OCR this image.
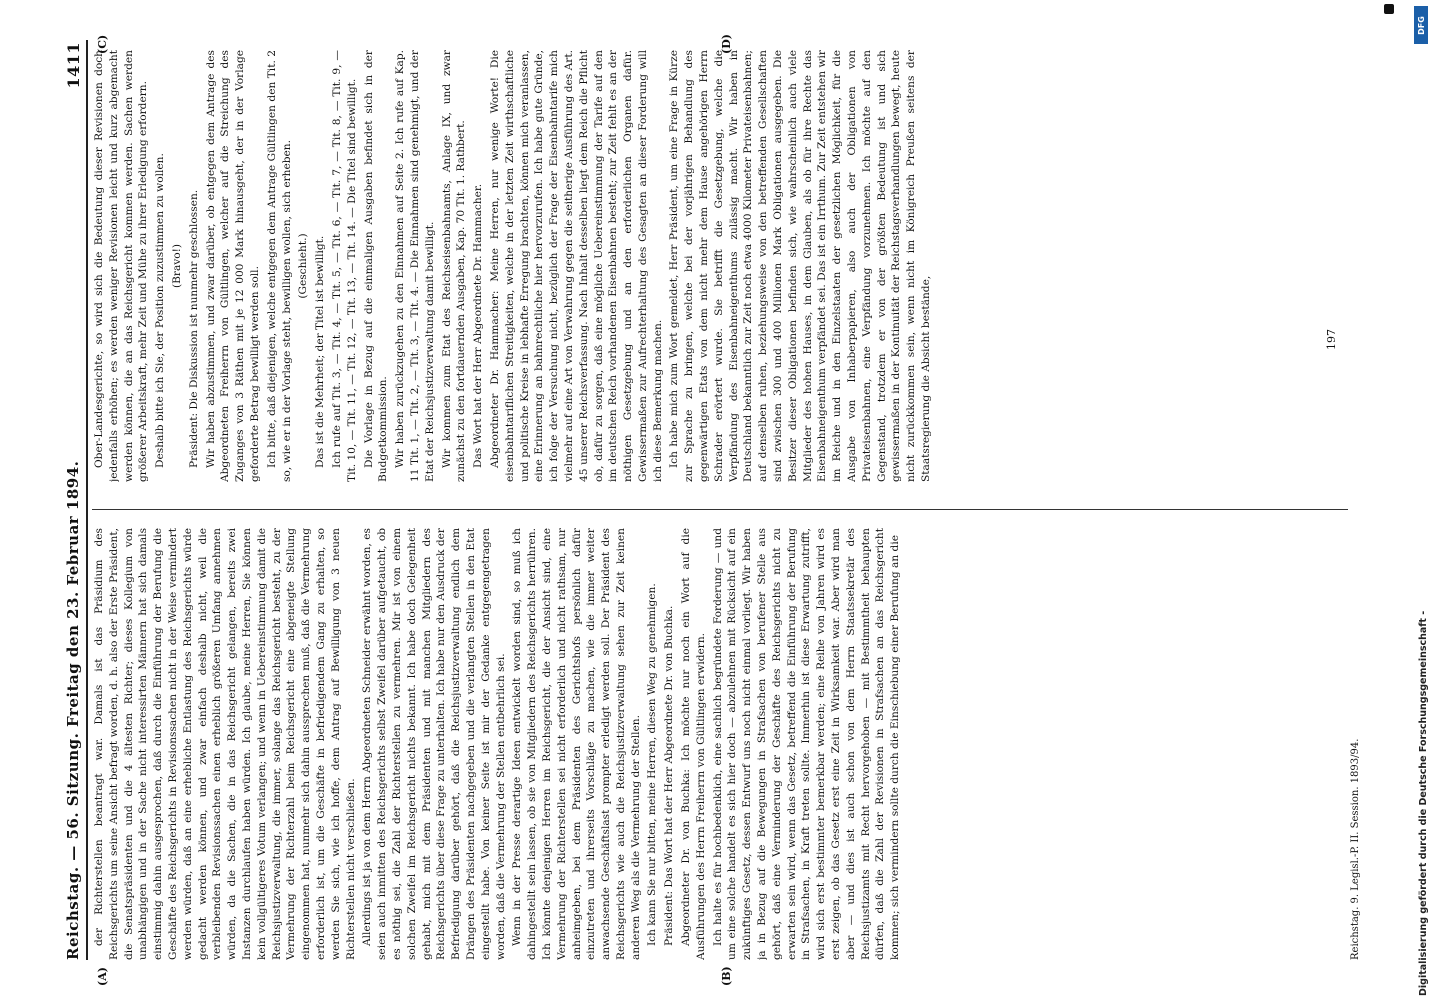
Reichstag. — 56. Sitzung. Freitag den 23. Februar 1894.
1411

der Richterstellen beantragt war. Damals ist das Präsidium des Reichsgerichts um seine Ansicht befragt worden, d. h. also der Erste Präsident, die Senatspräsidenten und die 4 ältesten Richter; dieses Kollegium von unabhängigen und in der Sache nicht interessirten Männern hat sich damals einstimmig dahin ausgesprochen, daß durch die Einführung der Berufung die Geschäfte des Reichsgerichts in Revisionssachen nicht in der Weise vermindert werden würden, daß an eine erhebliche Entlastung des Reichsgerichts würde gedacht werden können, und zwar einfach deshalb nicht, weil die verbleibenden Revisionssachen einen erheblich größeren Umfang annehmen würden, da die Sachen, die in das Reichsgericht gelangen, bereits zwei Instanzen durchlaufen haben würden. Ich glaube, meine Herren, Sie können kein vollgültigeres Votum verlangen; und wenn in Uebereinstimmung damit die Reichsjustizverwaltung, die immer, solange das Reichsgericht besteht, zu der Vermehrung der Richterzahl beim Reichsgericht eine abgeneigte Stellung eingenommen hat, nunmehr sich dahin aussprechen muß, daß die Vermehrung erforderlich ist, um die Geschäfte in befriedigendem Gang zu erhalten, so werden Sie sich, wie ich hoffe, dem Antrag auf Bewilligung von 3 neuen Richterstellen nicht verschließen. Allerdings ist ja von dem Herrn Abgeordneten Schneider erwähnt worden, es seien auch inmitten des Reichsgerichts selbst Zweifel darüber aufgetaucht, ob es nöthig sei, die Zahl der Richterstellen zu vermehren. Mir ist von einem solchen Zweifel im Reichsgericht nichts bekannt. Ich habe doch Gelegenheit gehabt, mich mit dem Präsidenten und mit manchen Mitgliedern des Reichsgerichts über diese Frage zu unterhalten. Ich habe nur den Ausdruck der Befriedigung darüber gehört, daß die Reichsjustizverwaltung endlich dem Drängen des Präsidenten nachgegeben und die verlangten Stellen in den Etat eingestellt habe. Von keiner Seite ist mir der Gedanke entgegengetragen worden, daß die Vermehrung der Stellen entbehrlich sei. Wenn in der Presse derartige Ideen entwickelt worden sind, so muß ich dahingestellt sein lassen, ob sie von Mitgliedern des Reichsgerichts herrühren. Ich könnte denjenigen Herren im Reichsgericht, die der Ansicht sind, eine Vermehrung der Richterstellen sei nicht erforderlich und nicht rathsam, nur anheimgeben, bei dem Präsidenten des Gerichtshofs persönlich dafür einzutreten und ihrerseits Vorschläge zu machen, wie die immer weiter anwachsende Geschäftslast prompter erledigt werden soll. Der Präsident des Reichsgerichts wie auch die Reichsjustizverwaltung sehen zur Zeit keinen anderen Weg als die Vermehrung der Stellen. Ich kann Sie nur bitten, meine Herren, diesen Weg zu genehmigen. Präsident: Das Wort hat der Herr Abgeordnete Dr. von Buchka. Abgeordneter Dr. von Buchka: Ich möchte nur noch ein Wort auf die Ausführungen des Herrn Freiherrn von Gültlingen erwidern. Ich halte es für hochbedenklich, eine sachlich begründete Forderung — und um eine solche handelt es sich hier doch — abzulehnen mit Rücksicht auf ein zukünftiges Gesetz, dessen Entwurf uns noch nicht einmal vorliegt. Wir haben ja in Bezug auf die Bewegungen in Strafsachen von berufener Stelle aus gehört, daß eine Verminderung der Geschäfte des Reichsgerichts nicht zu erwarten sein wird, wenn das Gesetz, betreffend die Einführung der Berufung in Strafsachen, in Kraft treten sollte. Immerhin ist diese Erwartung zutrifft, wird sich erst bestimmter bemerkbar werden; eine Reihe von Jahren wird es erst zeigen, ob das Gesetz erst eine Zeit in Wirksamkeit war. Aber wird man aber — und dies ist auch schon von dem Herrn Staatssekretär des Reichsjustizamts mit Recht hervorgehoben — mit Bestimmtheit behaupten dürfen, daß die Zahl der Revisionen in Strafsachen an das Reichsgericht kommen; sich vermindern sollte durch die Einschiebung einer Berufung an die	Reichstag. 9. Legisl.-P. II. Session. 1893/94.

Ober-Landesgerichte, so wird sich die Bedeutung dieser Revisionen doch jedenfalls erhöhen; es werden weniger Revisionen leicht und kurz abgemacht werden können, die an das Reichsgericht kommen werden. Sachen werden größerer Arbeitskraft, mehr Zeit und Mühe zu ihrer Erledigung erfordern. Deshalb bitte ich Sie, der Position zuzustimmen zu wollen. (Bravo!) Präsident: Die Diskussion ist nunmehr geschlossen. Wir haben abzustimmen, und zwar darüber, ob entgegen dem Antrage des Abgeordneten Freiherrn von Gültlingen, welcher auf die Streichung des Zuganges von 3 Räthen mit je 12 000 Mark hinausgeht, der in der Vorlage geforderte Betrag bewilligt werden soll. Ich bitte, daß diejenigen, welche entgegen dem Antrage Gültlingen den Tit. 2 so, wie er in der Vorlage steht, bewilligen wollen, sich erheben. (Geschieht.) Das ist die Mehrheit; der Titel ist bewilligt. Ich rufe auf Tit. 3, — Tit. 4, — Tit. 5, — Tit. 6, — Tit. 7, — Tit. 8, — Tit. 9, — Tit. 10, — Tit. 11, — Tit. 12, — Tit. 13, — Tit. 14. — Die Titel sind bewilligt. Die Vorlage in Bezug auf die einmaligen Ausgaben befindet sich in der Budgetkommission. Wir haben zurückzugehen zu den Einnahmen auf Seite 2. Ich rufe auf Kap. 11 Tit. 1, — Tit. 2, — Tit. 3, — Tit. 4. — Die Einnahmen sind genehmigt, und der Etat der Reichsjustizverwaltung damit bewilligt. Wir kommen zum Etat des Reichseisenbahnamts, Anlage IX, und zwar zunächst zu den fortdauernden Ausgaben, Kap. 70 Tit. 1. Rathbert. Das Wort hat der Herr Abgeordnete Dr. Hammacher. Abgeordneter Dr. Hammacher: Meine Herren, nur wenige Worte! Die eisenbahntariflichen Streitigkeiten, welche in der letzten Zeit wirthschaftliche und politische Kreise in lebhafte Erregung brachten, können mich veranlassen, eine Erinnerung an bahnrechtliche hier hervorzurufen. Ich habe gute Gründe, ich folge der Versuchung nicht, bezüglich der Frage der Eisenbahntarife mich vielmehr auf eine Art von Verwahrung gegen die seitherige Ausführung des Art. 45 unserer Reichsverfassung. Nach Inhalt desselben liegt dem Reich die Pflicht ob, dafür zu sorgen, daß eine mögliche Uebereinstimmung der Tarife auf den im deutschen Reich vorhandenen Eisenbahnen besteht; zur Zeit fehlt es an der nöthigen Gesetzgebung und an den erforderlichen Organen dafür. Gewissermaßen zur Aufrechterhaltung des Gesagten an dieser Forderung will ich diese Bemerkung machen. Ich habe mich zum Wort gemeldet, Herr Präsident, um eine Frage in Kürze zur Sprache zu bringen, welche bei der vorjährigen Behandlung des gegenwärtigen Etats von dem nicht mehr dem Hause angehörigen Herrn Schrader erörtert wurde. Sie betrifft die Gesetzgebung, welche die Verpfändung des Eisenbahneigenthums zulässig macht. Wir haben in Deutschland bekanntlich zur Zeit noch etwa 4000 Kilometer Privateisenbahnen; auf denselben ruhen, beziehungsweise von den betreffenden Gesellschaften sind zwischen 300 und 400 Millionen Mark Obligationen ausgegeben. Die Besitzer dieser Obligationen befinden sich, wie wahrscheinlich auch viele Mitglieder des hohen Hauses, in dem Glauben, als ob für ihre Rechte das Eisenbahneigenthum verpfändet sei. Das ist ein Irrthum. Zur Zeit entstehen wir im Reiche und in den Einzelstaaten der gesetzlichen Möglichkeit, für die Ausgabe von Inhaberpapieren, also auch der Obligationen von Privateisenbahnen, eine Verpfändung vorzunehmen. Ich möchte auf den Gegenstand, trotzdem er von der größten Bedeutung ist und sich gewissermaßen in der Kontinuität der Reichstagsverhandlungen bewegt, heute nicht zurückkommen sein, wenn nicht im Königreich Preußen seitens der Staatsregierung die Absicht bestände,	197
(A)	(B)
(C)	(D)
DFG
Digitalisierung gefördert durch die Deutsche Forschungsgemeinschaft -
